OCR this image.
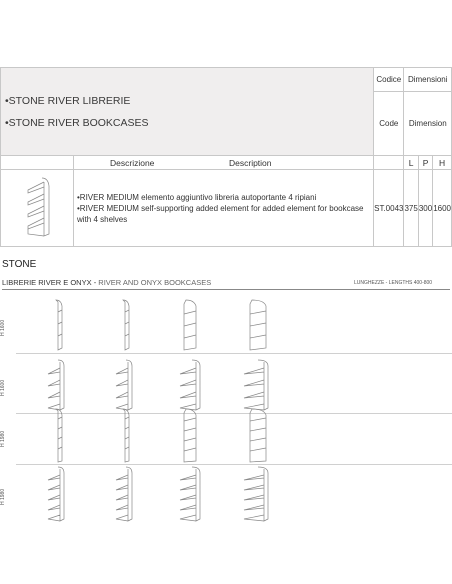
•STONE RIVER LIBRERIE
•STONE RIVER BOOKCASES		Codice	Dimensioni		
		Code	Dimension		

	Descrizione Description		L	P	H

•RIVER MEDIUM elemento aggiuntivo libreria autoportante 4 ripiani
•RIVER MEDIUM self-supporting added element for added element for bookcase with 4 shelves	ST.0043	375	300	1600
STONE
LIBRERIE RIVER E ONYX - RIVER AND ONYX BOOKCASES	LUNGHEZZE - LENGTHS 400-800
H 1600
H 1600
H 1980
H 1980
